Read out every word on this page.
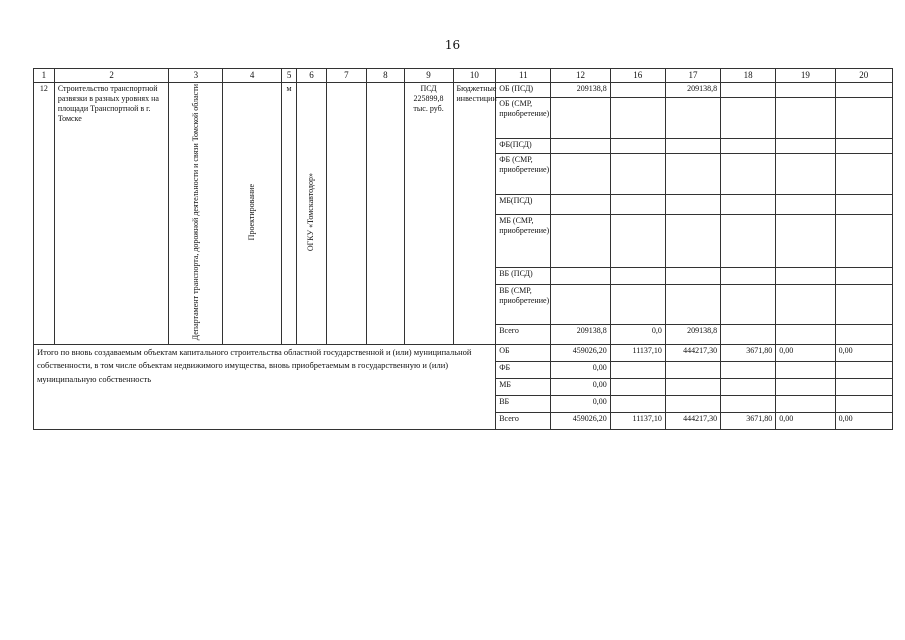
16
1	2	3	4	5	6	7	8	9	10	11	12	16	17	18	19	20
12	Строительство транспортной развязки в разных уровнях на площади Транспортной в г. Томске	Департамент транспорта, дорожной деятельности и связи Томской области	Проектирование	м	ОГКУ «Томскавтодор»			ПСД 225899,8 тыс. руб.	Бюджетные инвестиции	ОБ (ПСД)	209138,8		209138,8			
										ОБ (СМР, приобретение)						
										ФБ(ПСД)						
										ФБ (СМР, приобретение)						
										МБ(ПСД)						
										МБ (СМР, приобретение)						
										ВБ (ПСД)						
										ВБ (СМР, приобретение)						
										Всего	209138,8	0,0	209138,8			
Итого по вновь создаваемым объектам капитального строительства областной государственной и (или) муниципальной собственности, в том числе объектам недвижимого имущества, вновь приобретаемым в государственную и (или) муниципальную собственность										ОБ	459026,20	11137,10	444217,30	3671,80	0,00	0,00
										ФБ	0,00					
										МБ	0,00					
										ВБ	0,00					
										Всего	459026,20	11137,10	444217,30	3671,80	0,00	0,00
